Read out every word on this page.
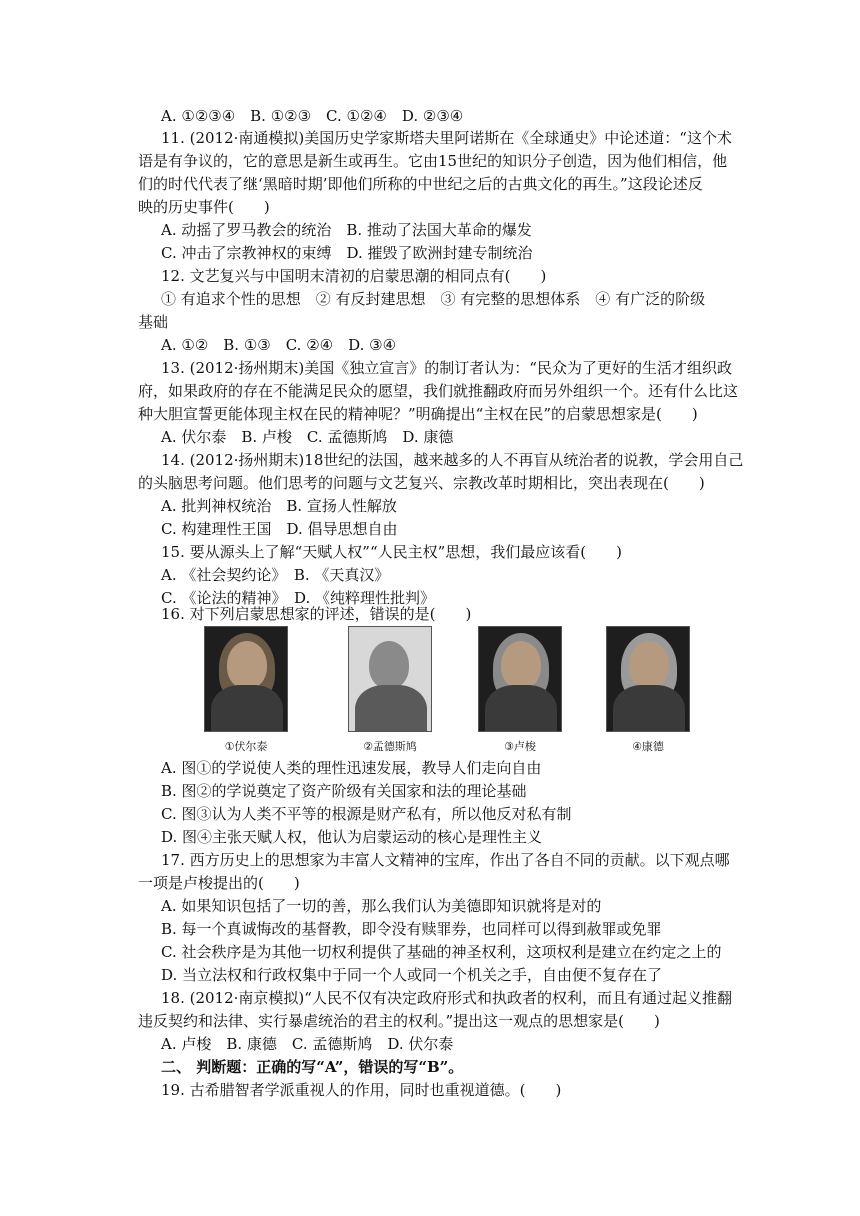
A. ①②③④　B. ①②③　C. ①②④　D. ②③④
11. (2012·南通模拟)美国历史学家斯塔夫里阿诺斯在《全球通史》中论述道：“这个术
语是有争议的，它的意思是新生或再生。它由15世纪的知识分子创造，因为他们相信，他
们的时代代表了继‘黑暗时期’即他们所称的中世纪之后的古典文化的再生。”这段论述反
映的历史事件(　　)
A. 动摇了罗马教会的统治　B. 推动了法国大革命的爆发
C. 冲击了宗教神权的束缚　D. 摧毁了欧洲封建专制统治
12. 文艺复兴与中国明末清初的启蒙思潮的相同点有(　　)
① 有追求个性的思想　② 有反封建思想　③ 有完整的思想体系　④ 有广泛的阶级
基础
A. ①②　B. ①③　C. ②④　D. ③④
13. (2012·扬州期末)美国《独立宣言》的制订者认为：“民众为了更好的生活才组织政
府，如果政府的存在不能满足民众的愿望，我们就推翻政府而另外组织一个。还有什么比这
种大胆宣誓更能体现主权在民的精神呢？”明确提出“主权在民”的启蒙思想家是(　　)
A. 伏尔泰　B. 卢梭　C. 孟德斯鸠　D. 康德
14. (2012·扬州期末)18世纪的法国，越来越多的人不再盲从统治者的说教，学会用自己
的头脑思考问题。他们思考的问题与文艺复兴、宗教改革时期相比，突出表现在(　　)
A. 批判神权统治　B. 宣扬人性解放
C. 构建理性王国　D. 倡导思想自由
15. 要从源头上了解“天赋人权”“人民主权”思想，我们最应该看(　　)
A. 《社会契约论》　B. 《天真汉》
C. 《论法的精神》　D. 《纯粹理性批判》
16. 对下列启蒙思想家的评述，错误的是(　　)
①伏尔泰	②孟德斯鸠	③卢梭	④康德
A. 图①的学说使人类的理性迅速发展，教导人们走向自由
B. 图②的学说奠定了资产阶级有关国家和法的理论基础
C. 图③认为人类不平等的根源是财产私有，所以他反对私有制
D. 图④主张天赋人权，他认为启蒙运动的核心是理性主义
17. 西方历史上的思想家为丰富人文精神的宝库，作出了各自不同的贡献。以下观点哪
一项是卢梭提出的(　　)
A. 如果知识包括了一切的善，那么我们认为美德即知识就将是对的
B. 每一个真诚悔改的基督教，即令没有赎罪券，也同样可以得到赦罪或免罪
C. 社会秩序是为其他一切权利提供了基础的神圣权利，这项权利是建立在约定之上的
D. 当立法权和行政权集中于同一个人或同一个机关之手，自由便不复存在了
18. (2012·南京模拟)“人民不仅有决定政府形式和执政者的权利，而且有通过起义推翻
违反契约和法律、实行暴虐统治的君主的权利。”提出这一观点的思想家是(　　)
A. 卢梭　B. 康德　C. 孟德斯鸠　D. 伏尔泰
二、 判断题：正确的写“A”，错误的写“B”。
19. 古希腊智者学派重视人的作用，同时也重视道德。(　　)
